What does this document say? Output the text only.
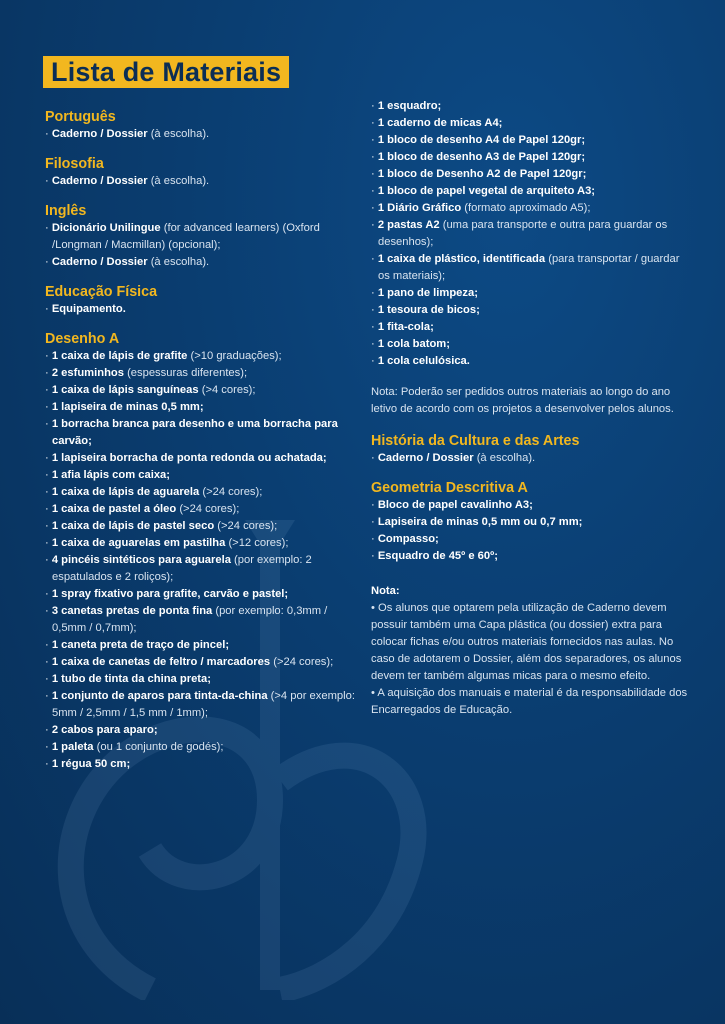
Lista de Materiais
Português
· Caderno / Dossier (à escolha).
Filosofia
· Caderno / Dossier (à escolha).
Inglês
· Dicionário Unilingue (for advanced learners) (Oxford /Longman / Macmillan) (opcional);
· Caderno / Dossier (à escolha).
Educação Física
· Equipamento.
Desenho A
· 1 caixa de lápis de grafite (>10 graduações);
· 2 esfuminhos (espessuras diferentes);
· 1 caixa de lápis sanguíneas (>4 cores);
· 1 lapiseira de minas 0,5 mm;
· 1 borracha branca para desenho e uma borracha para carvão;
· 1 lapiseira borracha de ponta redonda ou achatada;
· 1 afia lápis com caixa;
· 1 caixa de lápis de aguarela (>24 cores);
· 1 caixa de pastel a óleo (>24 cores);
· 1 caixa de lápis de pastel seco (>24 cores);
· 1 caixa de aguarelas em pastilha (>12 cores);
· 4 pincéis sintéticos para aguarela (por exemplo: 2 espatulados e 2 roliços);
· 1 spray fixativo para grafite, carvão e pastel;
· 3 canetas pretas de ponta fina (por exemplo: 0,3mm / 0,5mm / 0,7mm);
· 1 caneta preta de traço de pincel;
· 1 caixa de canetas de feltro / marcadores (>24 cores);
· 1 tubo de tinta da china preta;
· 1 conjunto de aparos para tinta-da-china (>4 por exemplo: 5mm / 2,5mm / 1,5 mm / 1mm);
· 2 cabos para aparo;
· 1 paleta (ou 1 conjunto de godés);
· 1 régua 50 cm;
· 1 esquadro;
· 1 caderno de micas A4;
· 1 bloco de desenho A4 de Papel 120gr;
· 1 bloco de desenho A3 de Papel 120gr;
· 1 bloco de Desenho A2 de Papel 120gr;
· 1 bloco de papel vegetal de arquiteto A3;
· 1 Diário Gráfico (formato aproximado A5);
· 2 pastas A2 (uma para transporte e outra para guardar os desenhos);
· 1 caixa de plástico, identificada (para transportar / guardar os materiais);
· 1 pano de limpeza;
· 1 tesoura de bicos;
· 1 fita-cola;
· 1 cola batom;
· 1 cola celulósica.

Nota: Poderão ser pedidos outros materiais ao longo do ano letivo de acordo com os projetos a desenvolver pelos alunos.

História da Cultura e das Artes
· Caderno / Dossier (à escolha).
Geometria Descritiva A
· Bloco de papel cavalinho A3;
· Lapiseira de minas 0,5 mm ou 0,7 mm;
· Compasso;
· Esquadro de 45º e 60º;

Nota:

• Os alunos que optarem pela utilização de Caderno devem possuir também uma Capa plástica (ou dossier) extra para colocar fichas e/ou outros materiais fornecidos nas aulas. No caso de adotarem o Dossier, além dos separadores, os alunos devem ter também algumas micas para o mesmo efeito.

• A aquisição dos manuais e material é da responsabilidade dos Encarregados de Educação.
